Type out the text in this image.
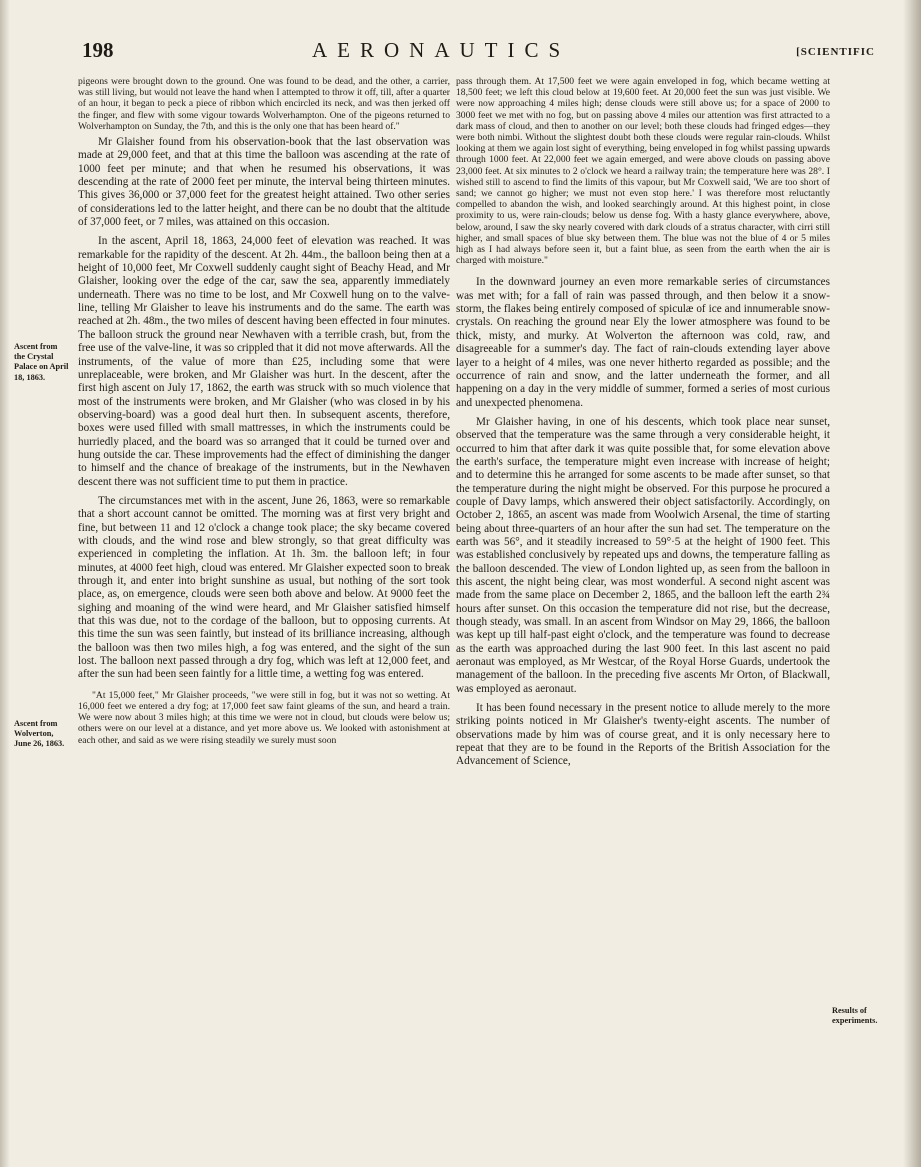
198	AERONAUTICS	[SCIENTIFIC
Ascent from the Crystal Palace on April 18, 1863.
Ascent from Wolverton, June 26, 1863.
Results of experiments.

pigeons were brought down to the ground. One was found to be dead, and the other, a carrier, was still living, but would not leave the hand when I attempted to throw it off, till, after a quarter of an hour, it began to peck a piece of ribbon which encircled its neck, and was then jerked off the finger, and flew with some vigour towards Wolverhampton. One of the pigeons returned to Wolverhampton on Sunday, the 7th, and this is the only one that has been heard of."

Mr Glaisher found from his observation-book that the last observation was made at 29,000 feet, and that at this time the balloon was ascending at the rate of 1000 feet per minute; and that when he resumed his observations, it was descending at the rate of 2000 feet per minute, the interval being thirteen minutes. This gives 36,000 or 37,000 feet for the greatest height attained. Two other series of considerations led to the latter height, and there can be no doubt that the altitude of 37,000 feet, or 7 miles, was attained on this occasion.

In the ascent, April 18, 1863, 24,000 feet of elevation was reached. It was remarkable for the rapidity of the descent. At 2h. 44m., the balloon being then at a height of 10,000 feet, Mr Coxwell suddenly caught sight of Beachy Head, and Mr Glaisher, looking over the edge of the car, saw the sea, apparently immediately underneath. There was no time to be lost, and Mr Coxwell hung on to the valve-line, telling Mr Glaisher to leave his instruments and do the same. The earth was reached at 2h. 48m., the two miles of descent having been effected in four minutes. The balloon struck the ground near Newhaven with a terrible crash, but, from the free use of the valve-line, it was so crippled that it did not move afterwards. All the instruments, of the value of more than £25, including some that were unreplaceable, were broken, and Mr Glaisher was hurt. In the descent, after the first high ascent on July 17, 1862, the earth was struck with so much violence that most of the instruments were broken, and Mr Glaisher (who was closed in by his observing-board) was a good deal hurt then. In subsequent ascents, therefore, boxes were used filled with small mattresses, in which the instruments could be hurriedly placed, and the board was so arranged that it could be turned over and hung outside the car. These improvements had the effect of diminishing the danger to himself and the chance of breakage of the instruments, but in the Newhaven descent there was not sufficient time to put them in practice.

The circumstances met with in the ascent, June 26, 1863, were so remarkable that a short account cannot be omitted. The morning was at first very bright and fine, but between 11 and 12 o'clock a change took place; the sky became covered with clouds, and the wind rose and blew strongly, so that great difficulty was experienced in completing the inflation. At 1h. 3m. the balloon left; in four minutes, at 4000 feet high, cloud was entered. Mr Glaisher expected soon to break through it, and enter into bright sunshine as usual, but nothing of the sort took place, as, on emergence, clouds were seen both above and below. At 9000 feet the sighing and moaning of the wind were heard, and Mr Glaisher satisfied himself that this was due, not to the cordage of the balloon, but to opposing currents. At this time the sun was seen faintly, but instead of its brilliance increasing, although the balloon was then two miles high, a fog was entered, and the sight of the sun lost. The balloon next passed through a dry fog, which was left at 12,000 feet, and after the sun had been seen faintly for a little time, a wetting fog was entered.

"At 15,000 feet," Mr Glaisher proceeds, "we were still in fog, but it was not so wetting. At 16,000 feet we entered a dry fog; at 17,000 feet saw faint gleams of the sun, and heard a train. We were now about 3 miles high; at this time we were not in cloud, but clouds were below us; others were on our level at a distance, and yet more above us. We looked with astonishment at each other, and said as we were rising steadily we surely must soon

pass through them. At 17,500 feet we were again enveloped in fog, which became wetting at 18,500 feet; we left this cloud below at 19,600 feet. At 20,000 feet the sun was just visible. We were now approaching 4 miles high; dense clouds were still above us; for a space of 2000 to 3000 feet we met with no fog, but on passing above 4 miles our attention was first attracted to a dark mass of cloud, and then to another on our level; both these clouds had fringed edges—they were both nimbi. Without the slightest doubt both these clouds were regular rain-clouds. Whilst looking at them we again lost sight of everything, being enveloped in fog whilst passing upwards through 1000 feet. At 22,000 feet we again emerged, and were above clouds on passing above 23,000 feet. At six minutes to 2 o'clock we heard a railway train; the temperature here was 28°. I wished still to ascend to find the limits of this vapour, but Mr Coxwell said, 'We are too short of sand; we cannot go higher; we must not even stop here.' I was therefore most reluctantly compelled to abandon the wish, and looked searchingly around. At this highest point, in close proximity to us, were rain-clouds; below us dense fog. With a hasty glance everywhere, above, below, around, I saw the sky nearly covered with dark clouds of a stratus character, with cirri still higher, and small spaces of blue sky between them. The blue was not the blue of 4 or 5 miles high as I had always before seen it, but a faint blue, as seen from the earth when the air is charged with moisture."

In the downward journey an even more remarkable series of circumstances was met with; for a fall of rain was passed through, and then below it a snow-storm, the flakes being entirely composed of spiculæ of ice and innumerable snow-crystals. On reaching the ground near Ely the lower atmosphere was found to be thick, misty, and murky. At Wolverton the afternoon was cold, raw, and disagreeable for a summer's day. The fact of rain-clouds extending layer above layer to a height of 4 miles, was one never hitherto regarded as possible; and the occurrence of rain and snow, and the latter underneath the former, and all happening on a day in the very middle of summer, formed a series of most curious and unexpected phenomena.

Mr Glaisher having, in one of his descents, which took place near sunset, observed that the temperature was the same through a very considerable height, it occurred to him that after dark it was quite possible that, for some elevation above the earth's surface, the temperature might even increase with increase of height; and to determine this he arranged for some ascents to be made after sunset, so that the temperature during the night might be observed. For this purpose he procured a couple of Davy lamps, which answered their object satisfactorily. Accordingly, on October 2, 1865, an ascent was made from Woolwich Arsenal, the time of starting being about three-quarters of an hour after the sun had set. The temperature on the earth was 56°, and it steadily increased to 59°·5 at the height of 1900 feet. This was established conclusively by repeated ups and downs, the temperature falling as the balloon descended. The view of London lighted up, as seen from the balloon in this ascent, the night being clear, was most wonderful. A second night ascent was made from the same place on December 2, 1865, and the balloon left the earth 2¾ hours after sunset. On this occasion the temperature did not rise, but the decrease, though steady, was small. In an ascent from Windsor on May 29, 1866, the balloon was kept up till half-past eight o'clock, and the temperature was found to decrease as the earth was approached during the last 900 feet. In this last ascent no paid aeronaut was employed, as Mr Westcar, of the Royal Horse Guards, undertook the management of the balloon. In the preceding five ascents Mr Orton, of Blackwall, was employed as aeronaut.

It has been found necessary in the present notice to allude merely to the more striking points noticed in Mr Glaisher's twenty-eight ascents. The number of observations made by him was of course great, and it is only necessary here to repeat that they are to be found in the Reports of the British Association for the Advancement of Science,
